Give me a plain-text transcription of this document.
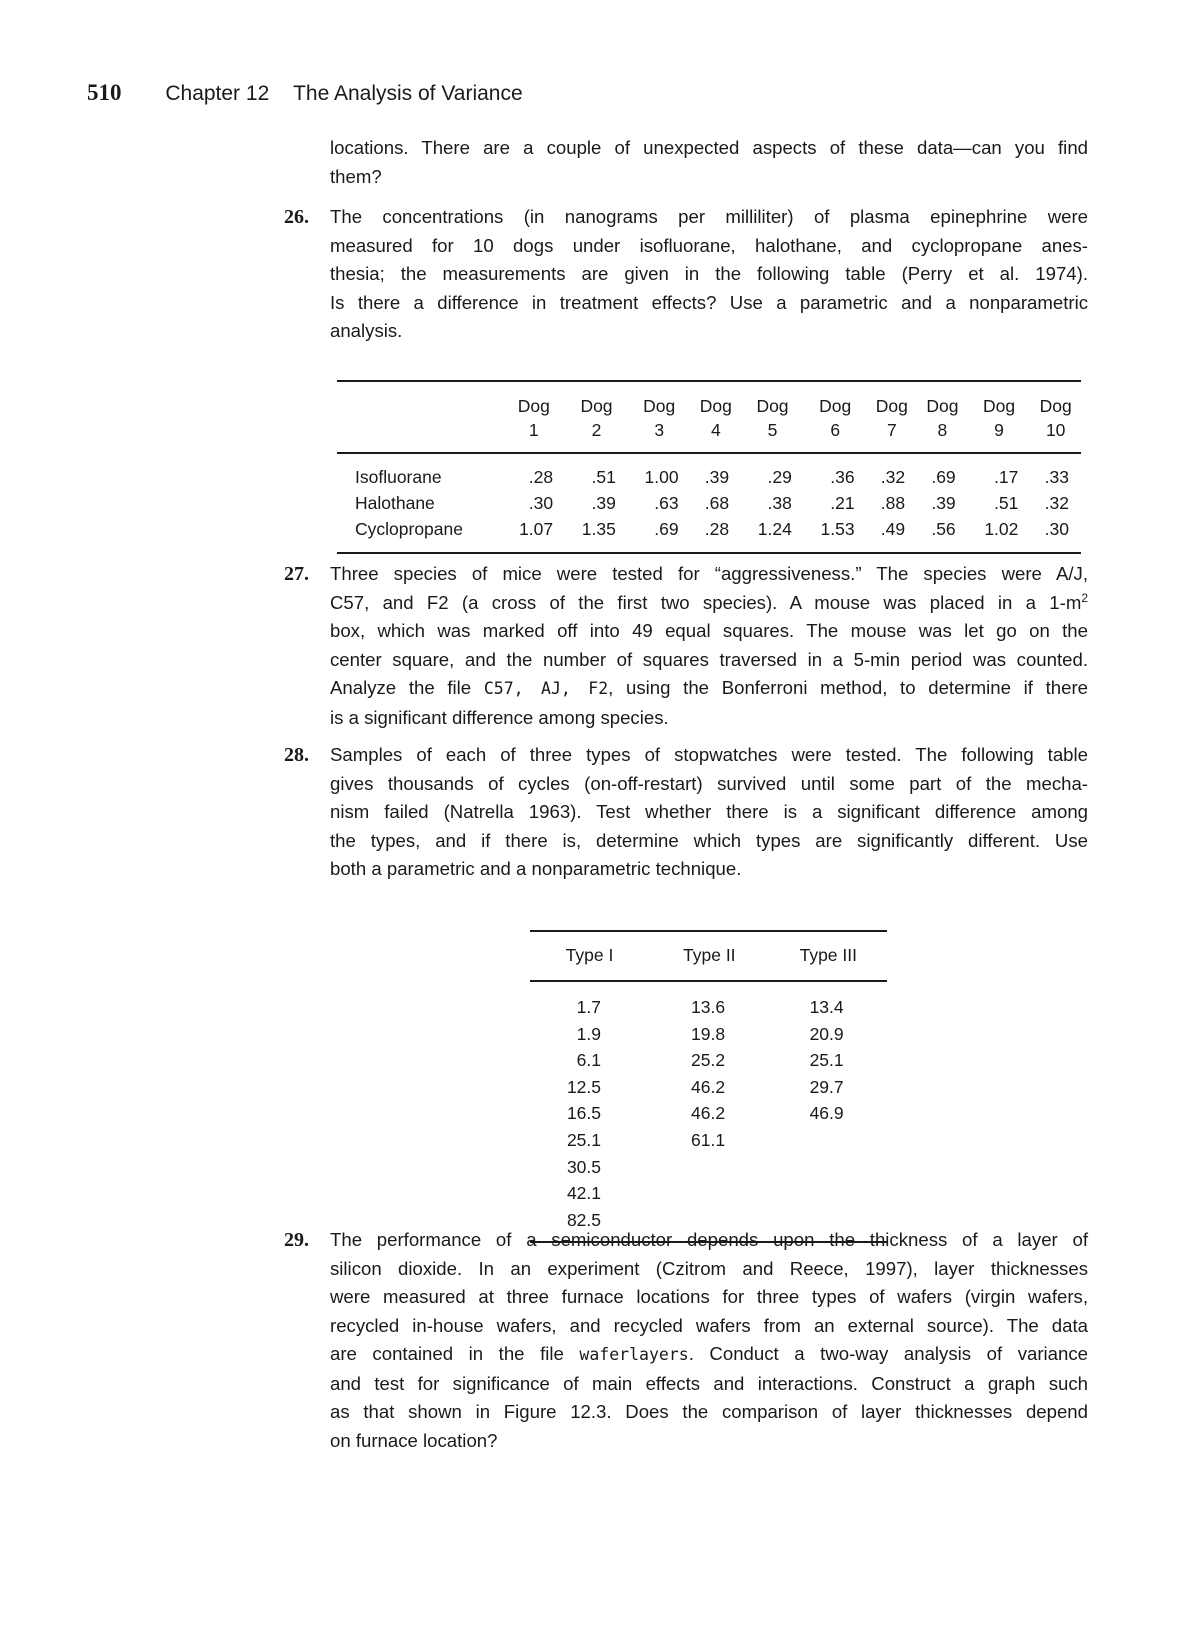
510 Chapter 12 The Analysis of Variance
locations. There are a couple of unexpected aspects of these data—can you find
them?
26. The concentrations (in nanograms per milliliter) of plasma epinephrine were
measured for 10 dogs under isofluorane, halothane, and cyclopropane anes-
thesia; the measurements are given in the following table (Perry et al. 1974).
Is there a difference in treatment effects? Use a parametric and a nonparametric
analysis.
	Dog	Dog	Dog	Dog	Dog	Dog	Dog	Dog	Dog	Dog
	1	2	3	4	5	6	7	8	9	10
Isofluorane	.28	.51	1.00	.39	.29	.36	.32	.69	.17	.33
Halothane	.30	.39	.63	.68	.38	.21	.88	.39	.51	.32
Cyclopropane	1.07	1.35	.69	.28	1.24	1.53	.49	.56	1.02	.30
27. Three species of mice were tested for “aggressiveness.” The species were A/J,
C57, and F2 (a cross of the first two species). A mouse was placed in a $1-m^2$
box, which was marked off into 49 equal squares. The mouse was let go on the
center square, and the number of squares traversed in a 5-min period was counted.
Analyze the file C57, AJ, F2, using the Bonferroni method, to determine if there
is a significant difference among species.
28. Samples of each of three types of stopwatches were tested. The following table
gives thousands of cycles (on-off-restart) survived until some part of the mecha-
nism failed (Natrella 1963). Test whether there is a significant difference among
the types, and if there is, determine which types are significantly different. Use
both a parametric and a nonparametric technique.
Type I	Type II	Type III
1.7	13.6	13.4
1.9	19.8	20.9
6.1	25.2	25.1
12.5	46.2	29.7
16.5	46.2	46.9
25.1	61.1	
30.5		
42.1		
82.5		
29. The performance of a semiconductor depends upon the thickness of a layer of
silicon dioxide. In an experiment (Czitrom and Reece, 1997), layer thicknesses
were measured at three furnace locations for three types of wafers (virgin wafers,
recycled in-house wafers, and recycled wafers from an external source). The data
are contained in the file waferlayers. Conduct a two-way analysis of variance
and test for significance of main effects and interactions. Construct a graph such
as that shown in Figure 12.3. Does the comparison of layer thicknesses depend
on furnace location?
